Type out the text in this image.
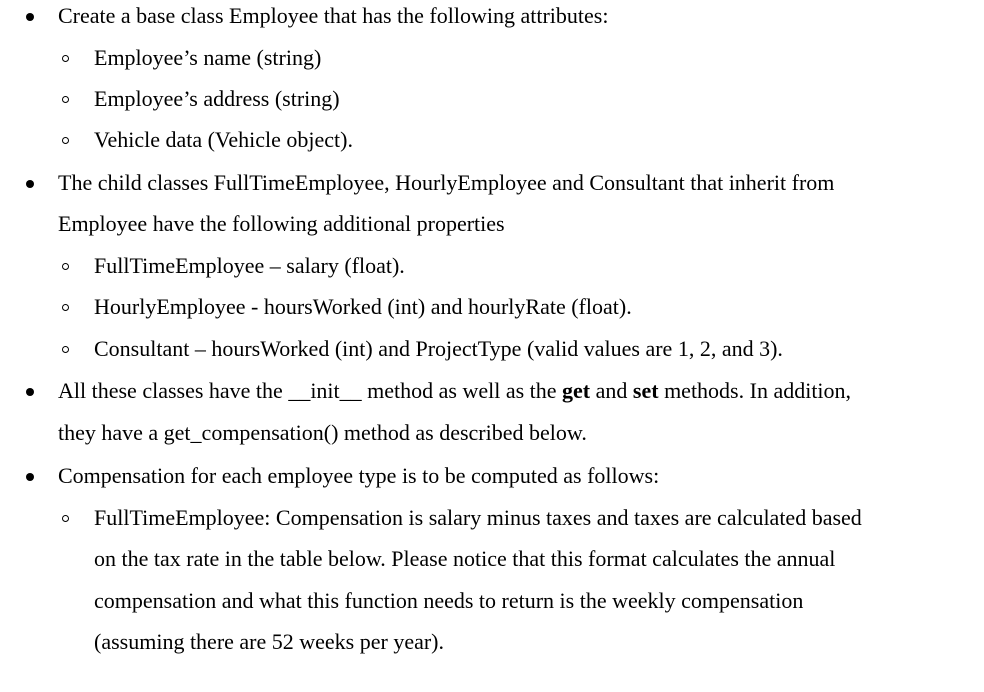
Create a base class Employee that has the following attributes:
Employee’s name (string)
Employee’s address (string)
Vehicle data (Vehicle object).
The child classes FullTimeEmployee, HourlyEmployee and Consultant that inherit from
Employee have the following additional properties
FullTimeEmployee – salary (float).
HourlyEmployee - hoursWorked (int) and hourlyRate (float).
Consultant – hoursWorked (int) and ProjectType (valid values are 1, 2, and 3).
All these classes have the __init__ method as well as the get and set methods. In addition,
they have a get_compensation() method as described below.
Compensation for each employee type is to be computed as follows:
FullTimeEmployee: Compensation is salary minus taxes and taxes are calculated based
on the tax rate in the table below. Please notice that this format calculates the annual
compensation and what this function needs to return is the weekly compensation
(assuming there are 52 weeks per year).
